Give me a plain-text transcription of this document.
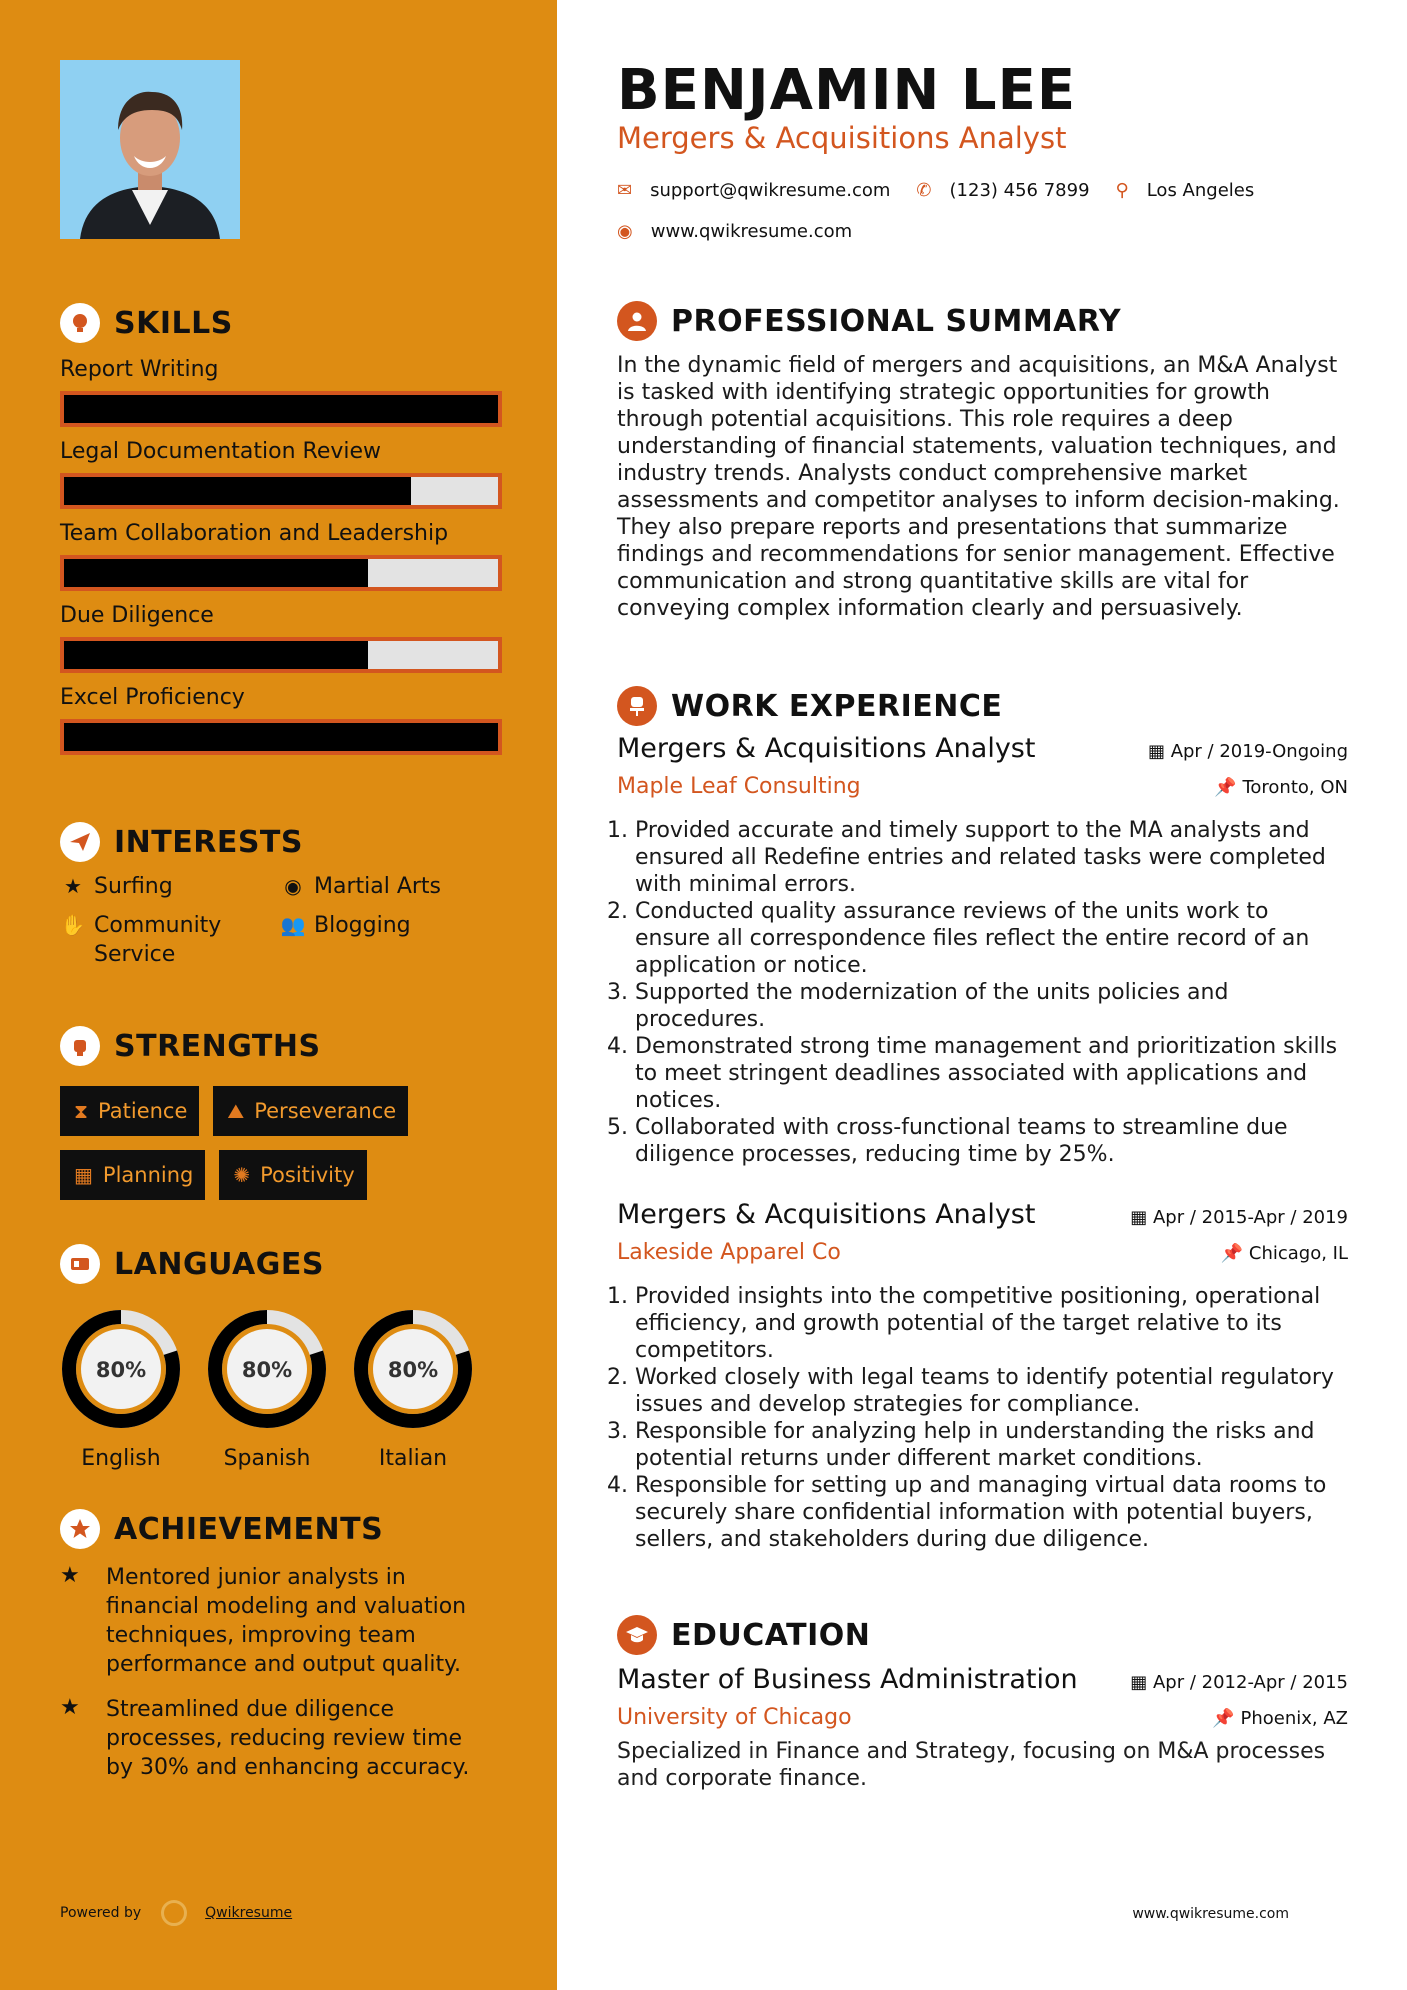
SKILLS
Report Writing
Legal Documentation Review
Team Collaboration and Leadership
Due Diligence
Excel Proficiency
INTERESTS
★ Surfing	◉ Martial Arts
✋ Community Service
👥 Blogging
STRENGTHS
⧗ Patience ⛰ Perseverance
▦ Planning ✺ Positivity
LANGUAGES
80%
English
80%
Spanish
80%
Italian
ACHIEVEMENTS
★	Mentored junior analysts in financial modeling and valuation techniques, improving team performance and output quality.
★	Streamlined due diligence processes, reducing review time by 30% and enhancing accuracy.
Powered by	Qwikresume
BENJAMIN LEE
Mergers & Acquisitions Analyst
✉ support@qwikresume.com ✆ (123) 456 7899 ⚲ Los Angeles
◉ www.qwikresume.com
PROFESSIONAL SUMMARY
In the dynamic field of mergers and acquisitions, an M&A Analyst is tasked with identifying strategic opportunities for growth through potential acquisitions. This role requires a deep understanding of financial statements, valuation techniques, and industry trends. Analysts conduct comprehensive market assessments and competitor analyses to inform decision-making. They also prepare reports and presentations that summarize findings and recommendations for senior management. Effective communication and strong quantitative skills are vital for conveying complex information clearly and persuasively.
WORK EXPERIENCE
Mergers & Acquisitions Analyst	▦ Apr / 2019-Ongoing
Maple Leaf Consulting	📌 Toronto, ON
1. Provided accurate and timely support to the MA analysts and ensured all Redefine entries and related tasks were completed with minimal errors.
2. Conducted quality assurance reviews of the units work to ensure all correspondence files reflect the entire record of an application or notice.
3. Supported the modernization of the units policies and procedures.
4. Demonstrated strong time management and prioritization skills to meet stringent deadlines associated with applications and notices.
5. Collaborated with cross-functional teams to streamline due diligence processes, reducing time by 25%.
Mergers & Acquisitions Analyst	▦ Apr / 2015-Apr / 2019
Lakeside Apparel Co	📌 Chicago, IL
1. Provided insights into the competitive positioning, operational efficiency, and growth potential of the target relative to its competitors.
2. Worked closely with legal teams to identify potential regulatory issues and develop strategies for compliance.
3. Responsible for analyzing help in understanding the risks and potential returns under different market conditions.
4. Responsible for setting up and managing virtual data rooms to securely share confidential information with potential buyers, sellers, and stakeholders during due diligence.
EDUCATION
Master of Business Administration	▦ Apr / 2012-Apr / 2015
University of Chicago	📌 Phoenix, AZ
Specialized in Finance and Strategy, focusing on M&A processes and corporate finance.
www.qwikresume.com
